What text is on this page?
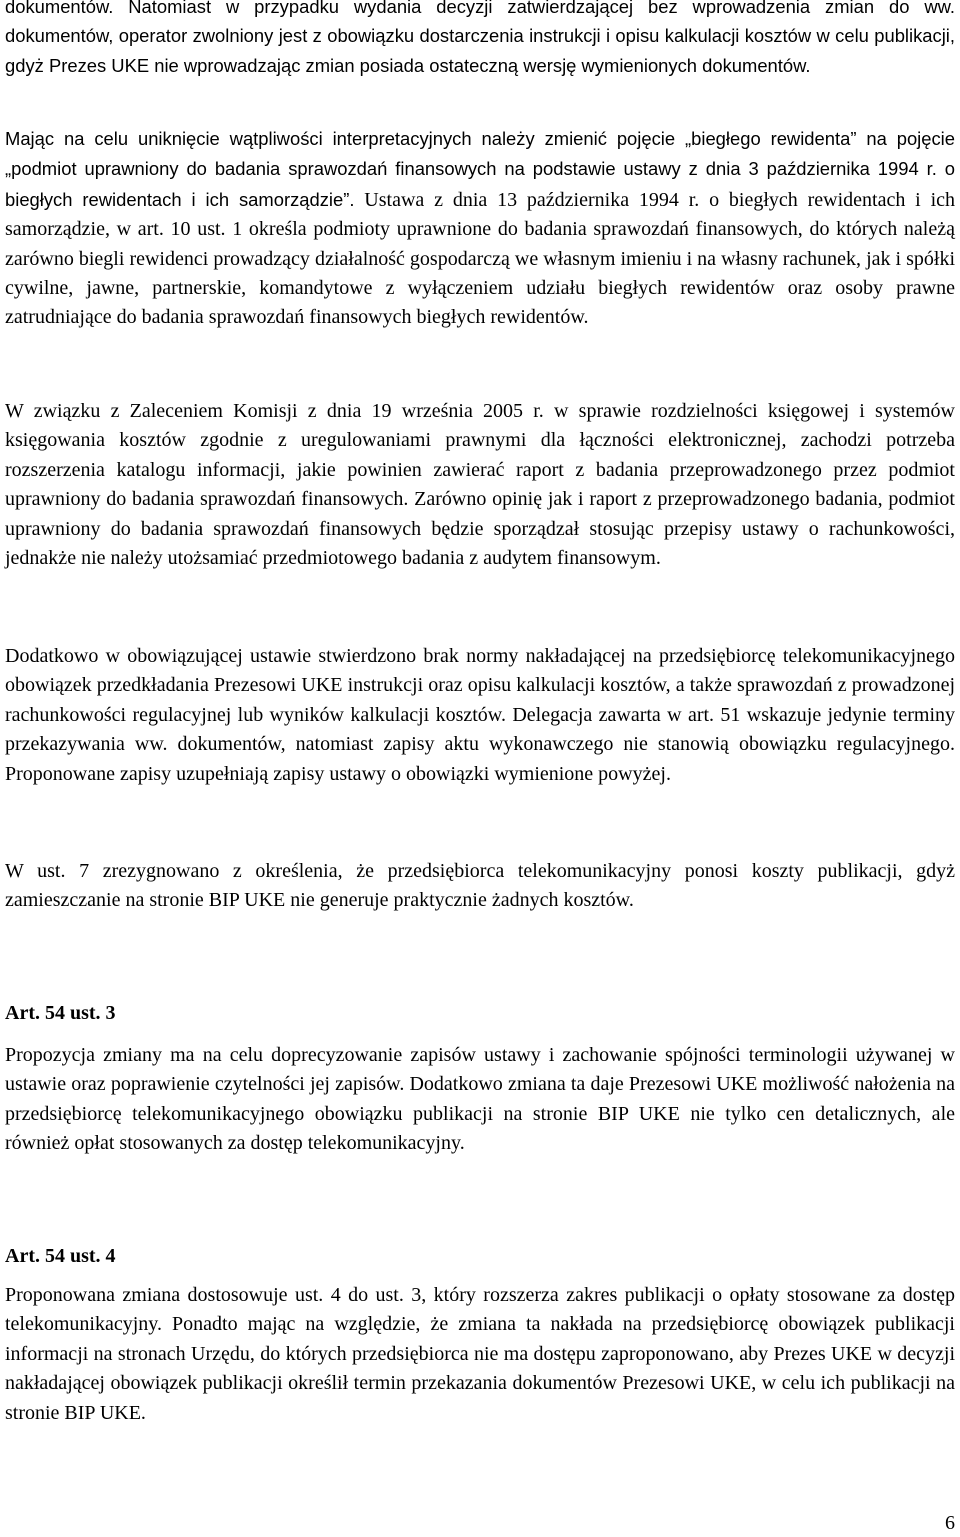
dokumentów. Natomiast w przypadku wydania decyzji zatwierdzającej bez wprowadzenia zmian do ww. dokumentów, operator zwolniony jest z obowiązku dostarczenia instrukcji i opisu kalkulacji kosztów w celu publikacji, gdyż Prezes UKE nie wprowadzając zmian posiada ostateczną wersję wymienionych dokumentów.

Mając na celu uniknięcie wątpliwości interpretacyjnych należy zmienić pojęcie „biegłego rewidenta” na pojęcie „podmiot uprawniony do badania sprawozdań finansowych na podstawie ustawy z dnia 3 października 1994 r. o biegłych rewidentach i ich samorządzie”. Ustawa z dnia 13 października 1994 r. o biegłych rewidentach i ich samorządzie, w art. 10 ust. 1 określa podmioty uprawnione do badania sprawozdań finansowych, do których należą zarówno biegli rewidenci prowadzący działalność gospodarczą we własnym imieniu i na własny rachunek, jak i spółki cywilne, jawne, partnerskie, komandytowe z wyłączeniem udziału biegłych rewidentów oraz osoby prawne zatrudniające do badania sprawozdań finansowych biegłych rewidentów.

W związku z Zaleceniem Komisji z dnia 19 września 2005 r. w sprawie rozdzielności księgowej i systemów księgowania kosztów zgodnie z uregulowaniami prawnymi dla łączności elektronicznej, zachodzi potrzeba rozszerzenia katalogu informacji, jakie powinien zawierać raport z badania przeprowadzonego przez podmiot uprawniony do badania sprawozdań finansowych. Zarówno opinię jak i raport z przeprowadzonego badania, podmiot uprawniony do badania sprawozdań finansowych będzie sporządzał stosując przepisy ustawy o rachunkowości, jednakże nie należy utożsamiać przedmiotowego badania z audytem finansowym.

Dodatkowo w obowiązującej ustawie stwierdzono brak normy nakładającej na przedsiębiorcę telekomunikacyjnego obowiązek przedkładania Prezesowi UKE instrukcji oraz opisu kalkulacji kosztów, a także sprawozdań z prowadzonej rachunkowości regulacyjnej lub wyników kalkulacji kosztów. Delegacja zawarta w art. 51 wskazuje jedynie terminy przekazywania ww. dokumentów, natomiast zapisy aktu wykonawczego nie stanowią obowiązku regulacyjnego. Proponowane zapisy uzupełniają zapisy ustawy o obowiązki wymienione powyżej.

W ust. 7 zrezygnowano z określenia, że przedsiębiorca telekomunikacyjny ponosi koszty publikacji, gdyż zamieszczanie na stronie BIP UKE nie generuje praktycznie żadnych kosztów.

Art. 54 ust. 3

Propozycja zmiany ma na celu doprecyzowanie zapisów ustawy i zachowanie spójności terminologii używanej w ustawie oraz poprawienie czytelności jej zapisów. Dodatkowo zmiana ta daje Prezesowi UKE możliwość nałożenia na przedsiębiorcę telekomunikacyjnego obowiązku publikacji na stronie BIP UKE nie tylko cen detalicznych, ale również opłat stosowanych za dostęp telekomunikacyjny.

Art. 54 ust. 4

Proponowana zmiana dostosowuje ust. 4 do ust. 3, który rozszerza zakres publikacji o opłaty stosowane za dostęp telekomunikacyjny. Ponadto mając na względzie, że zmiana ta nakłada na przedsiębiorcę obowiązek publikacji informacji na stronach Urzędu, do których przedsiębiorca nie ma dostępu zaproponowano, aby Prezes UKE w decyzji nakładającej obowiązek publikacji określił termin przekazania dokumentów Prezesowi UKE, w celu ich publikacji na stronie BIP UKE.

6
